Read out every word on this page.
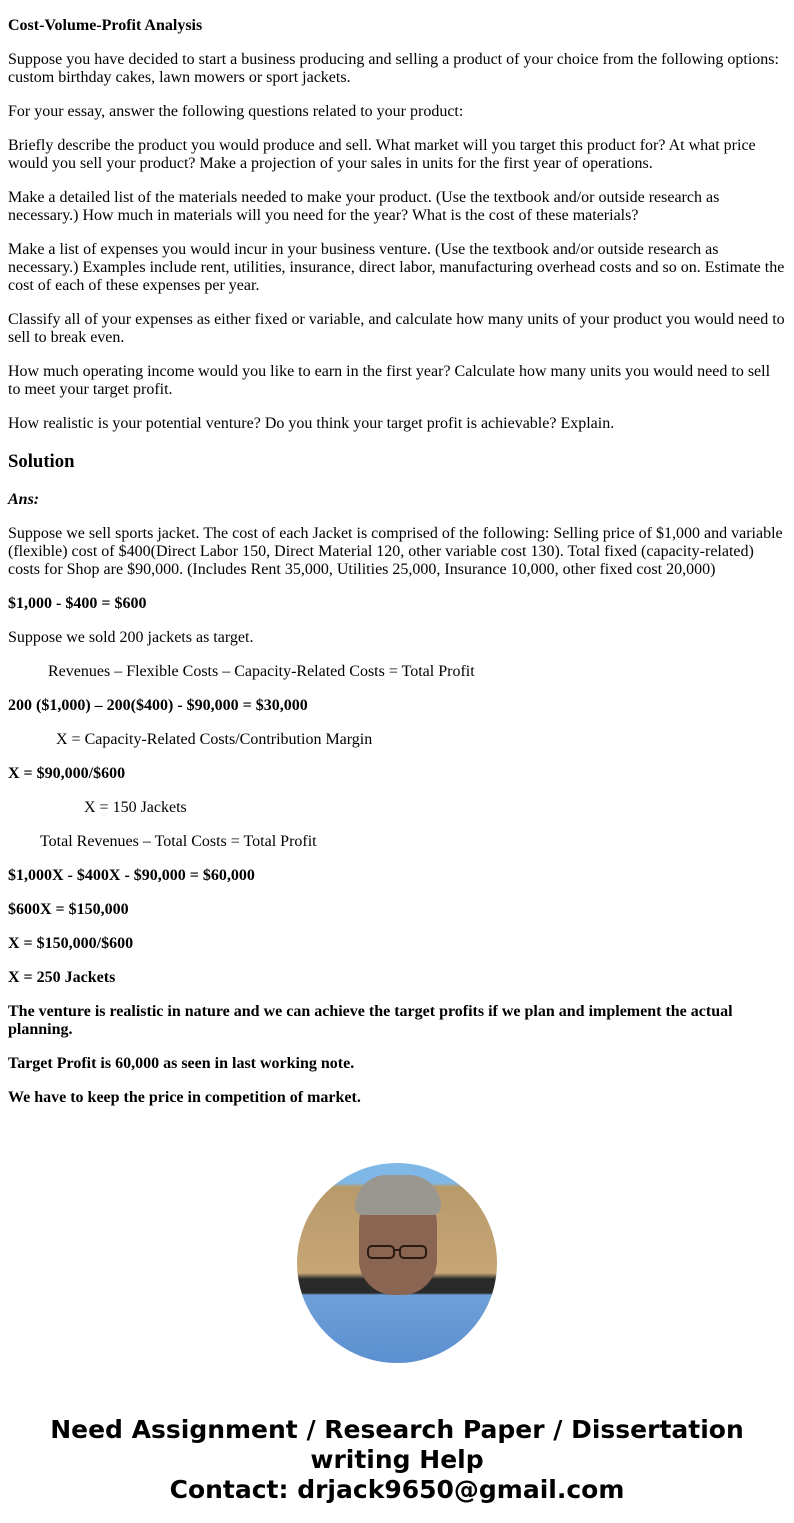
Cost-Volume-Profit Analysis

Suppose you have decided to start a business producing and selling a product of your choice from the following options: custom birthday cakes, lawn mowers or sport jackets.

For your essay, answer the following questions related to your product:

Briefly describe the product you would produce and sell. What market will you target this product for? At what price would you sell your product? Make a projection of your sales in units for the first year of operations.

Make a detailed list of the materials needed to make your product. (Use the textbook and/or outside research as necessary.) How much in materials will you need for the year? What is the cost of these materials?

Make a list of expenses you would incur in your business venture. (Use the textbook and/or outside research as necessary.) Examples include rent, utilities, insurance, direct labor, manufacturing overhead costs and so on. Estimate the cost of each of these expenses per year.

Classify all of your expenses as either fixed or variable, and calculate how many units of your product you would need to sell to break even.

How much operating income would you like to earn in the first year? Calculate how many units you would need to sell to meet your target profit.

How realistic is your potential venture? Do you think your target profit is achievable? Explain.

Solution

Ans:

Suppose we sell sports jacket. The cost of each Jacket is comprised of the following: Selling price of $1,000 and variable (flexible) cost of $400(Direct Labor 150, Direct Material 120, other variable cost 130). Total fixed (capacity-related) costs for Shop are $90,000. (Includes Rent 35,000, Utilities 25,000, Insurance 10,000, other fixed cost 20,000)

$1,000 - $400 = $600

Suppose we sold 200 jackets as target.

Revenues – Flexible Costs – Capacity-Related Costs = Total Profit

200 ($1,000) – 200($400) - $90,000 = $30,000

X = Capacity-Related Costs/Contribution Margin

X = $90,000/$600

X = 150 Jackets

Total Revenues – Total Costs = Total Profit

$1,000X - $400X - $90,000 = $60,000

$600X = $150,000

X = $150,000/$600

X = 250 Jackets

The venture is realistic in nature and we can achieve the target profits if we plan and implement the actual planning.

Target Profit is 60,000 as seen in last working note.

We have to keep the price in competition of market.

Need Assignment / Research Paper / Dissertation writing Help
Contact: drjack9650@gmail.com
